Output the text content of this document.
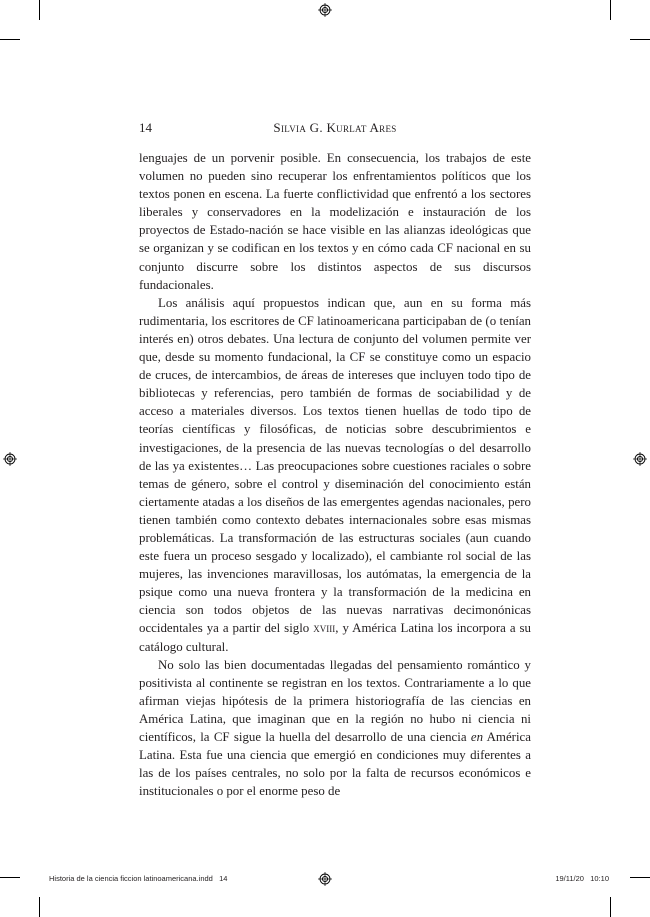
14	Silvia G. Kurlat Ares

lenguajes de un porvenir posible. En consecuencia, los trabajos de este volumen no pueden sino recuperar los enfrentamientos políticos que los textos ponen en escena. La fuerte conflictividad que enfrentó a los sectores liberales y conservadores en la modelización e instauración de los proyectos de Estado-nación se hace visible en las alianzas ideológicas que se organizan y se codifican en los textos y en cómo cada CF nacional en su conjunto discurre sobre los distintos aspectos de sus discursos fundacionales.

Los análisis aquí propuestos indican que, aun en su forma más rudimentaria, los escritores de CF latinoamericana participaban de (o tenían interés en) otros debates. Una lectura de conjunto del volumen permite ver que, desde su momento fundacional, la CF se constituye como un espacio de cruces, de intercambios, de áreas de intereses que incluyen todo tipo de bibliotecas y referencias, pero también de formas de sociabilidad y de acceso a materiales diversos. Los textos tienen huellas de todo tipo de teorías científicas y filosóficas, de noticias sobre descubrimientos e investigaciones, de la presencia de las nuevas tecnologías o del desarrollo de las ya existentes… Las preocupaciones sobre cuestiones raciales o sobre temas de género, sobre el control y diseminación del conocimiento están ciertamente atadas a los diseños de las emergentes agendas nacionales, pero tienen también como contexto debates internacionales sobre esas mismas problemáticas. La transformación de las estructuras sociales (aun cuando este fuera un proceso sesgado y localizado), el cambiante rol social de las mujeres, las invenciones maravillosas, los autómatas, la emergencia de la psique como una nueva frontera y la transformación de la medicina en ciencia son todos objetos de las nuevas narrativas decimonónicas occidentales ya a partir del siglo xviii, y América Latina los incorpora a su catálogo cultural.

No solo las bien documentadas llegadas del pensamiento romántico y positivista al continente se registran en los textos. Contrariamente a lo que afirman viejas hipótesis de la primera historiografía de las ciencias en América Latina, que imaginan que en la región no hubo ni ciencia ni científicos, la CF sigue la huella del desarrollo de una ciencia en América Latina. Esta fue una ciencia que emergió en condiciones muy diferentes a las de los países centrales, no solo por la falta de recursos económicos e institucionales o por el enorme peso de

Historia de la ciencia ficcion latinoamericana.indd   14	19/11/20   10:10
